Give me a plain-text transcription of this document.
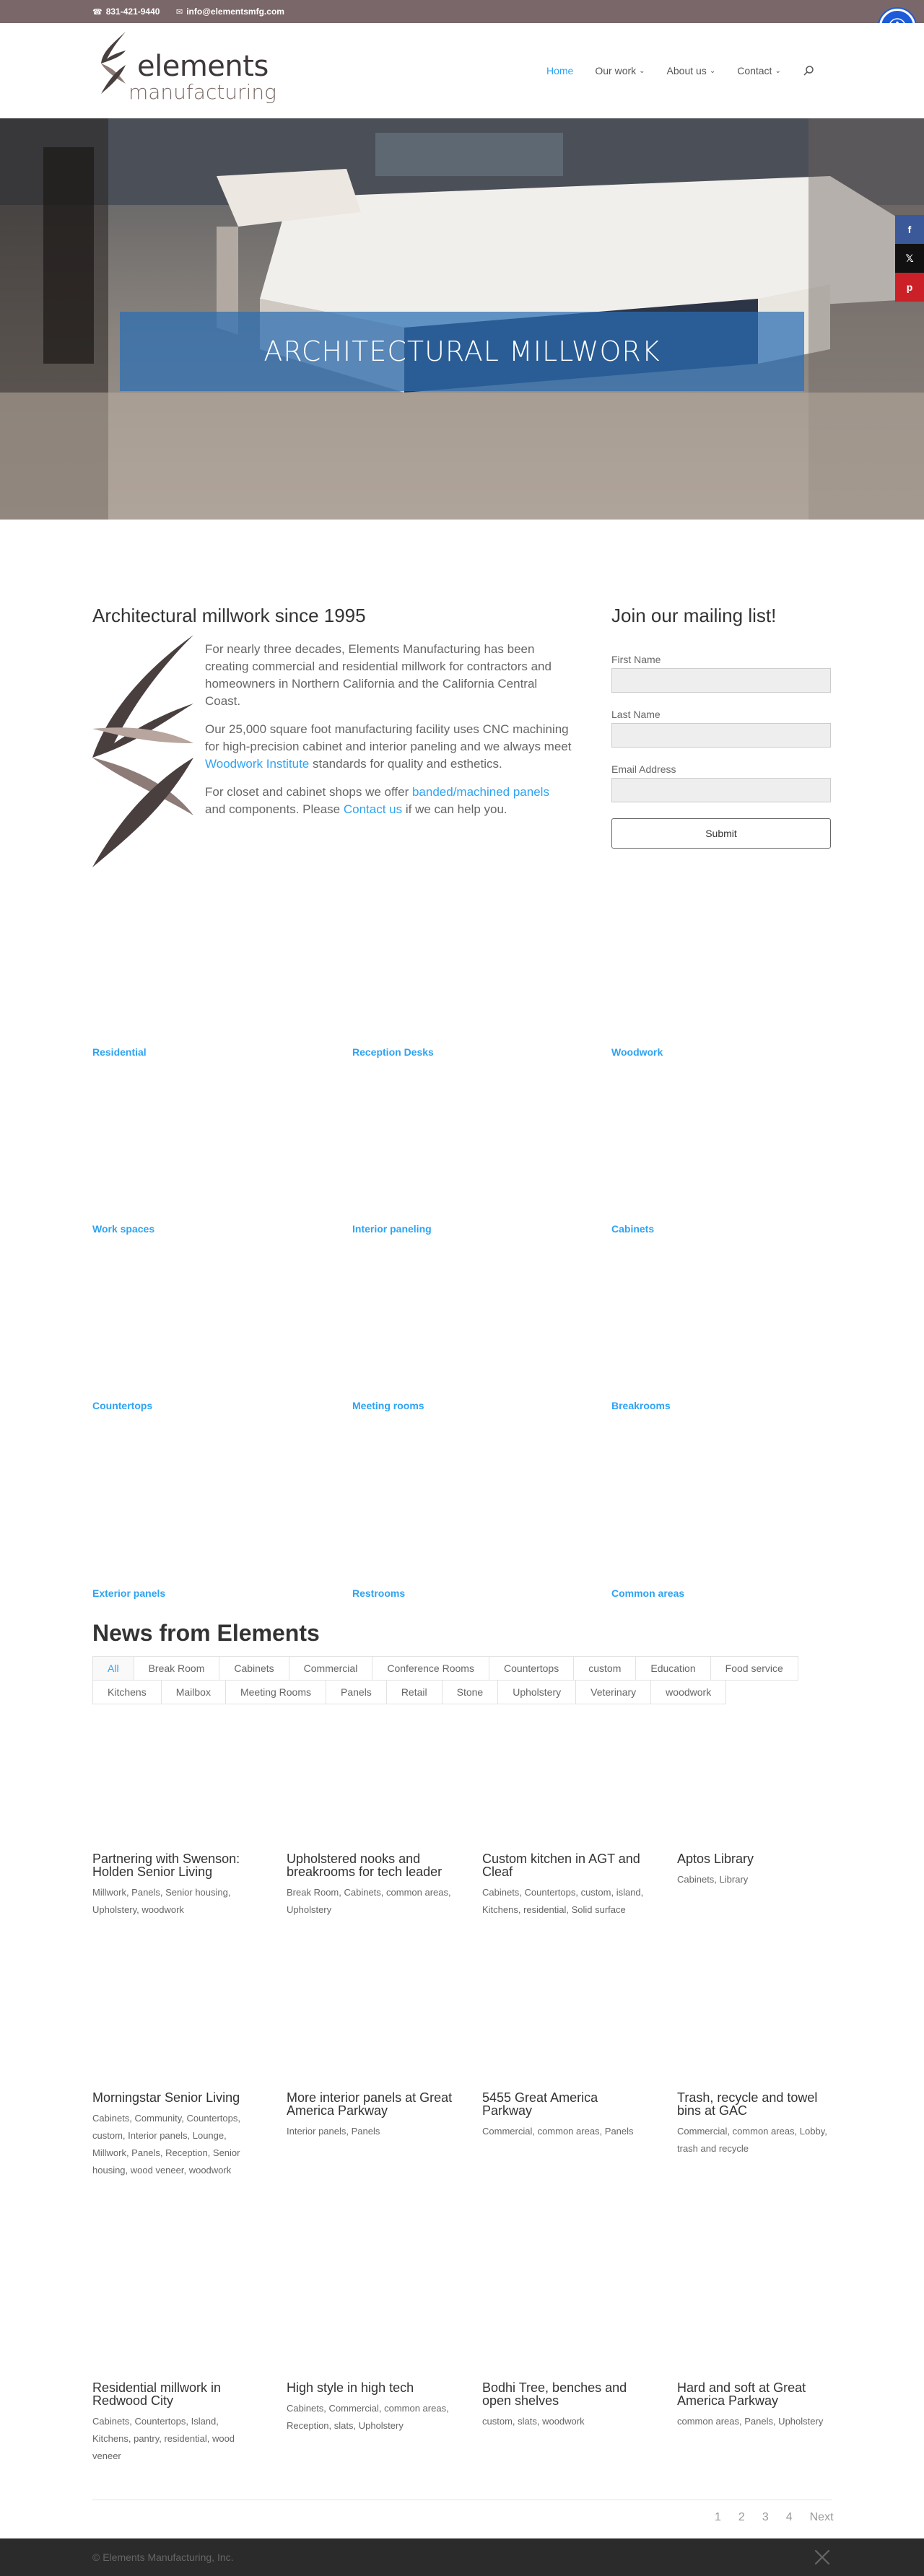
☎ 831-421-9440 ✉ info@elementsmfg.com
elements
manufacturing
Home Our work ⌄ About us ⌄ Contact ⌄
ARCHITECTURAL MILLWORK
f
𝕏
p
Architectural millwork since 1995

For nearly three decades, Elements Manufacturing has been creating commercial and residential millwork for contractors and homeowners in Northern California and the California Central Coast.

Our 25,000 square foot manufacturing facility uses CNC machining for high-precision cabinet and interior paneling and we always meet Woodwork Institute standards for quality and esthetics.

For closet and cabinet shops we offer banded/machined panels and components. Please Contact us if we can help you.

Join our mailing list!
First Name
Last Name
Email Address
Submit
Residential	Reception Desks	Woodwork
Work spaces	Interior paneling	Cabinets
Countertops	Meeting rooms	Breakrooms
Exterior panels	Restrooms	Common areas
News from Elements
All	Break Room	Cabinets	Commercial	Conference Rooms	Countertops	custom	Education	Food service
Kitchens	Mailbox	Meeting Rooms	Panels	Retail	Stone	Upholstery	Veterinary	woodwork

Partnering with Swenson: Holden Senior Living

Millwork, Panels, Senior housing, Upholstery, woodwork

Upholstered nooks and breakrooms for tech leader

Break Room, Cabinets, common areas, Upholstery

Custom kitchen in AGT and Cleaf

Cabinets, Countertops, custom, island, Kitchens, residential, Solid surface

Aptos Library

Cabinets, Library

Morningstar Senior Living

Cabinets, Community, Countertops, custom, Interior panels, Lounge, Millwork, Panels, Reception, Senior housing, wood veneer, woodwork

More interior panels at Great America Parkway

Interior panels, Panels

5455 Great America Parkway

Commercial, common areas, Panels

Trash, recycle and towel bins at GAC

Commercial, common areas, Lobby, trash and recycle

Residential millwork in Redwood City

Cabinets, Countertops, Island, Kitchens, pantry, residential, wood veneer

High style in high tech

Cabinets, Commercial, common areas, Reception, slats, Upholstery

Bodhi Tree, benches and open shelves

custom, slats, woodwork

Hard and soft at Great America Parkway

common areas, Panels, Upholstery

1 2 3 4 Next
© Elements Manufacturing, Inc.
